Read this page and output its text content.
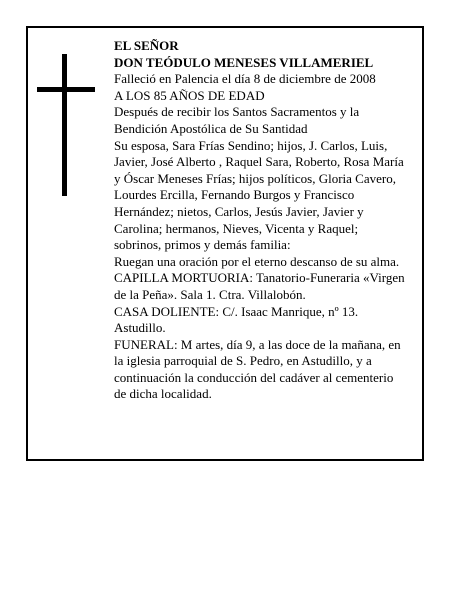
EL SEÑOR
DON TEÓDULO MENESES VILLAMERIEL
Falleció en Palencia el día 8 de diciembre de 2008
A LOS 85 AÑOS DE EDAD
Después de recibir los Santos Sacramentos y la
Bendición Apostólica de Su Santidad
Su esposa, Sara Frías Sendino; hijos, J. Carlos, Luis,
Javier, José Alberto , Raquel Sara, Roberto, Rosa María
y Óscar Meneses Frías; hijos políticos, Gloria Cavero,
Lourdes Ercilla, Fernando Burgos y Francisco
Hernández; nietos, Carlos, Jesús Javier, Javier y
Carolina; hermanos, Nieves, Vicenta y Raquel;
sobrinos, primos y demás familia:
Ruegan una oración por el eterno descanso de su alma.
CAPILLA MORTUORIA: Tanatorio-Funeraria «Virgen
de la Peña». Sala 1. Ctra. Villalobón.
CASA DOLIENTE: C/. Isaac Manrique, nº 13.
Astudillo.
FUNERAL: M artes, día 9, a las doce de la mañana, en
la iglesia parroquial de S. Pedro, en Astudillo, y a
continuación la conducción del cadáver al cementerio
de dicha localidad.
